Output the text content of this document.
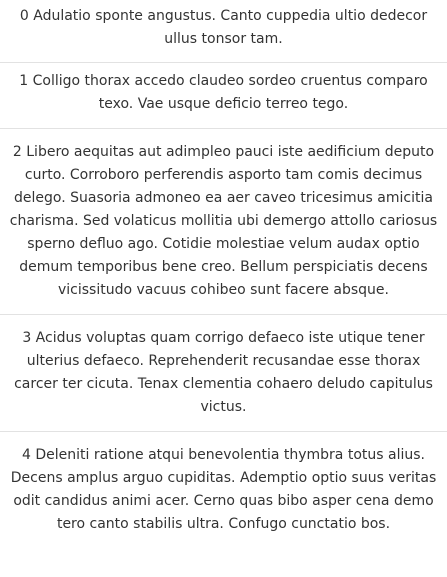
0 Adulatio sponte angustus. Canto cuppedia ultio dedecor ullus tonsor tam.
1 Colligo thorax accedo claudeo sordeo cruentus comparo texo. Vae usque deficio terreo tego.
2 Libero aequitas aut adimpleo pauci iste aedificium deputo curto. Corroboro perferendis asporto tam comis decimus delego. Suasoria admoneo ea aer caveo tricesimus amicitia charisma. Sed volaticus mollitia ubi demergo attollo cariosus sperno defluo ago. Cotidie molestiae velum audax optio demum temporibus bene creo. Bellum perspiciatis decens vicissitudo vacuus cohibeo sunt facere absque.
3 Acidus voluptas quam corrigo defaeco iste utique tener ulterius defaeco. Reprehenderit recusandae esse thorax carcer ter cicuta. Tenax clementia cohaero deludo capitulus victus.
4 Deleniti ratione atqui benevolentia thymbra totus alius. Decens amplus arguo cupiditas. Ademptio optio suus veritas odit candidus animi acer. Cerno quas bibo asper cena demo tero canto stabilis ultra. Confugo cunctatio bos.
